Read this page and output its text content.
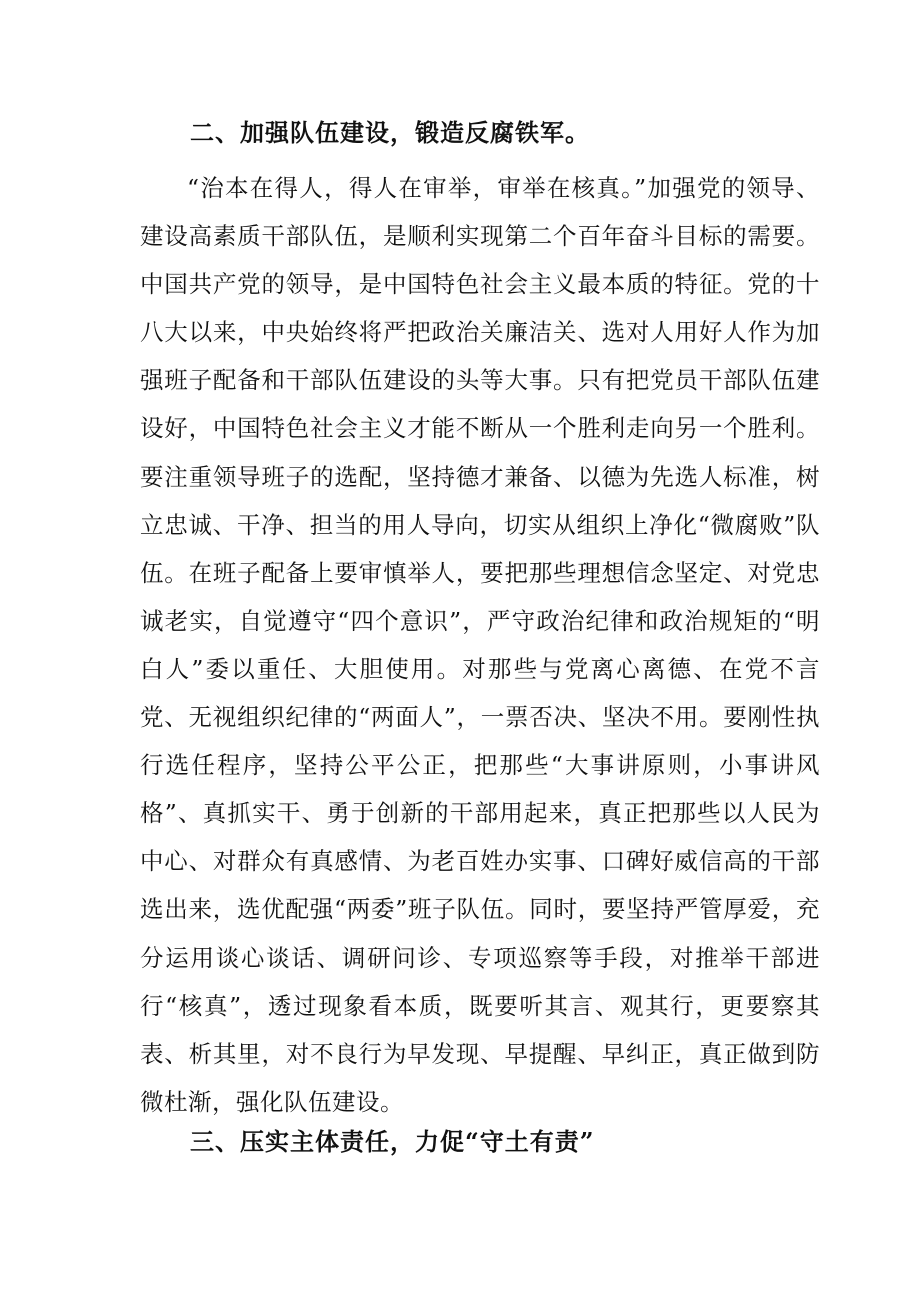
二、加强队伍建设，锻造反腐铁军。

“治本在得人，得人在审举，审举在核真。”加强党的领导、建设高素质干部队伍，是顺利实现第二个百年奋斗目标的需要。中国共产党的领导，是中国特色社会主义最本质的特征。党的十八大以来，中央始终将严把政治关廉洁关、选对人用好人作为加强班子配备和干部队伍建设的头等大事。只有把党员干部队伍建设好，中国特色社会主义才能不断从一个胜利走向另一个胜利。要注重领导班子的选配，坚持德才兼备、以德为先选人标准，树立忠诚、干净、担当的用人导向，切实从组织上净化“微腐败”队伍。在班子配备上要审慎举人，要把那些理想信念坚定、对党忠诚老实，自觉遵守“四个意识”，严守政治纪律和政治规矩的“明白人”委以重任、大胆使用。对那些与党离心离德、在党不言党、无视组织纪律的“两面人”，一票否决、坚决不用。要刚性执行选任程序，坚持公平公正，把那些“大事讲原则，小事讲风格”、真抓实干、勇于创新的干部用起来，真正把那些以人民为中心、对群众有真感情、为老百姓办实事、口碑好威信高的干部选出来，选优配强“两委”班子队伍。同时，要坚持严管厚爱，充分运用谈心谈话、调研问诊、专项巡察等手段，对推举干部进行“核真”，透过现象看本质，既要听其言、观其行，更要察其表、析其里，对不良行为早发现、早提醒、早纠正，真正做到防微杜渐，强化队伍建设。

三、压实主体责任，力促“守土有责”
